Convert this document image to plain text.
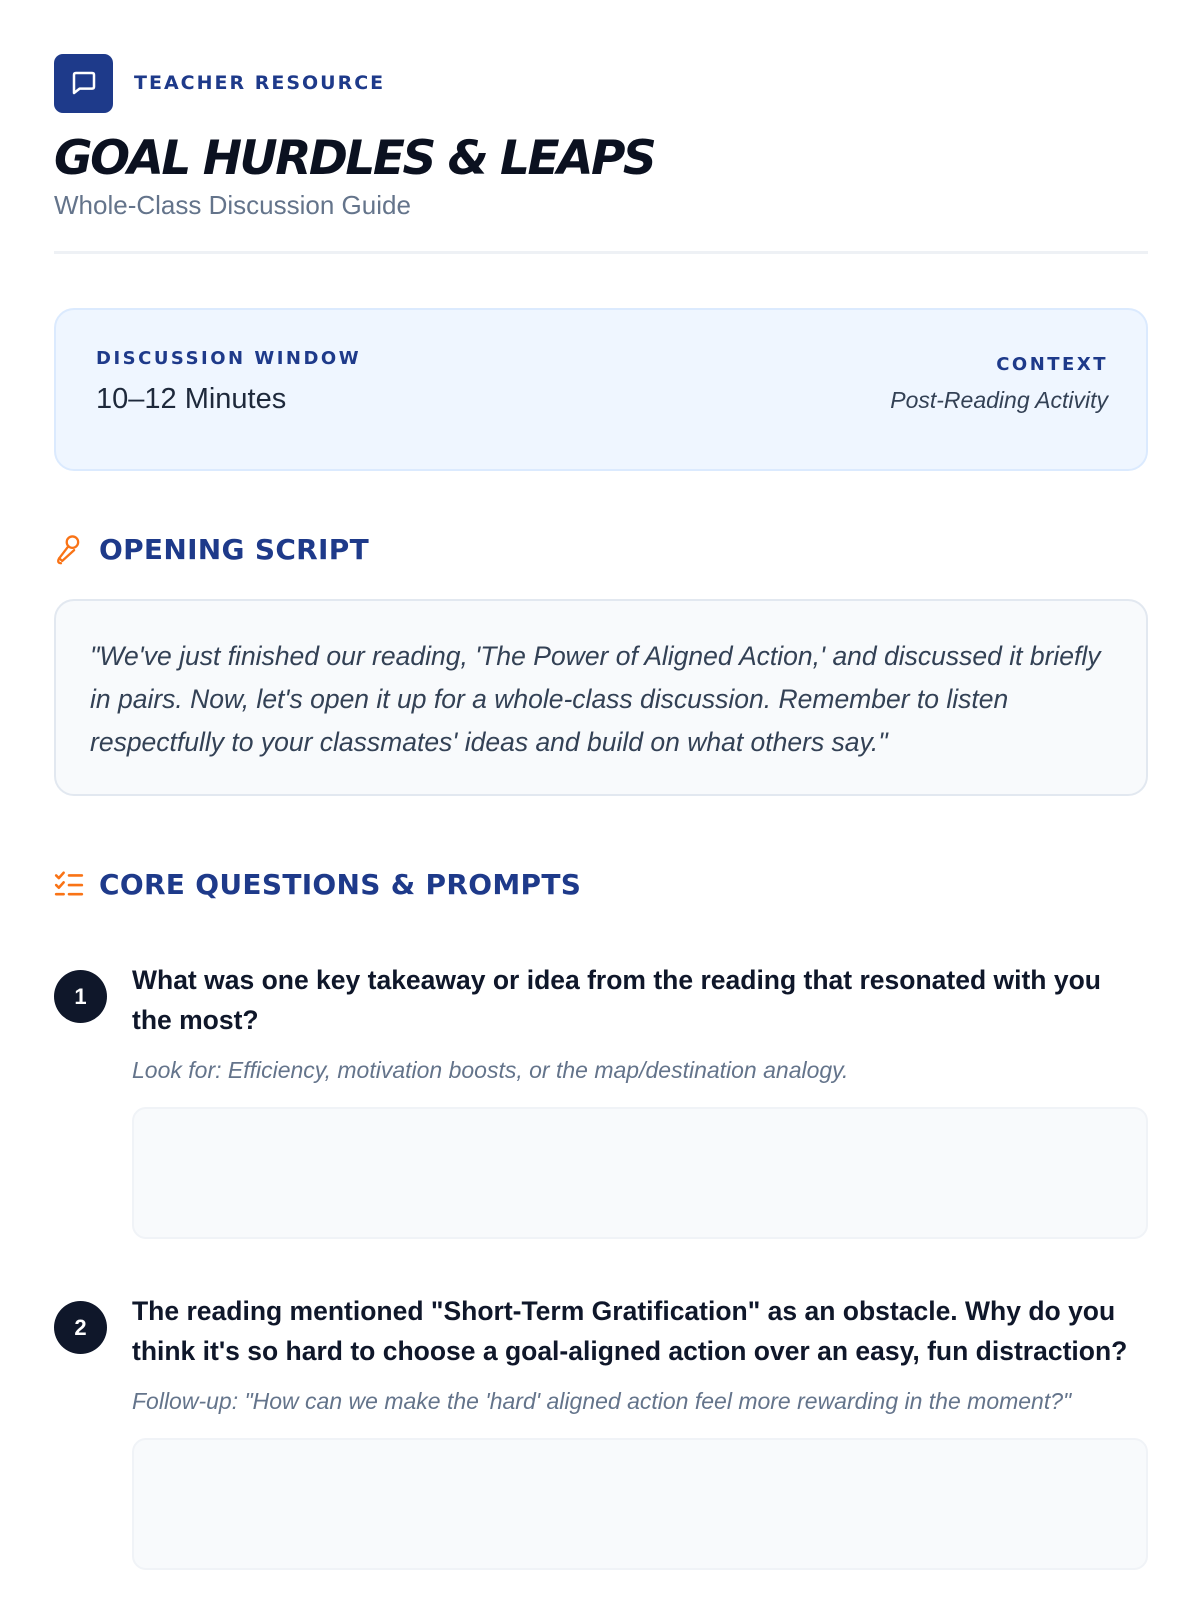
TEACHER RESOURCE
GOAL HURDLES & LEAPS
Whole-Class Discussion Guide
DISCUSSION WINDOW
10–12 Minutes
CONTEXT
Post-Reading Activity
OPENING SCRIPT
"We've just finished our reading, 'The Power of Aligned Action,' and discussed it briefly in pairs. Now, let's open it up for a whole-class discussion. Remember to listen respectfully to your classmates' ideas and build on what others say."
CORE QUESTIONS & PROMPTS
1
What was one key takeaway or idea from the reading that resonated with you the most?
Look for: Efficiency, motivation boosts, or the map/destination analogy.
2
The reading mentioned "Short-Term Gratification" as an obstacle. Why do you think it's so hard to choose a goal-aligned action over an easy, fun distraction?
Follow-up: "How can we make the 'hard' aligned action feel more rewarding in the moment?"
